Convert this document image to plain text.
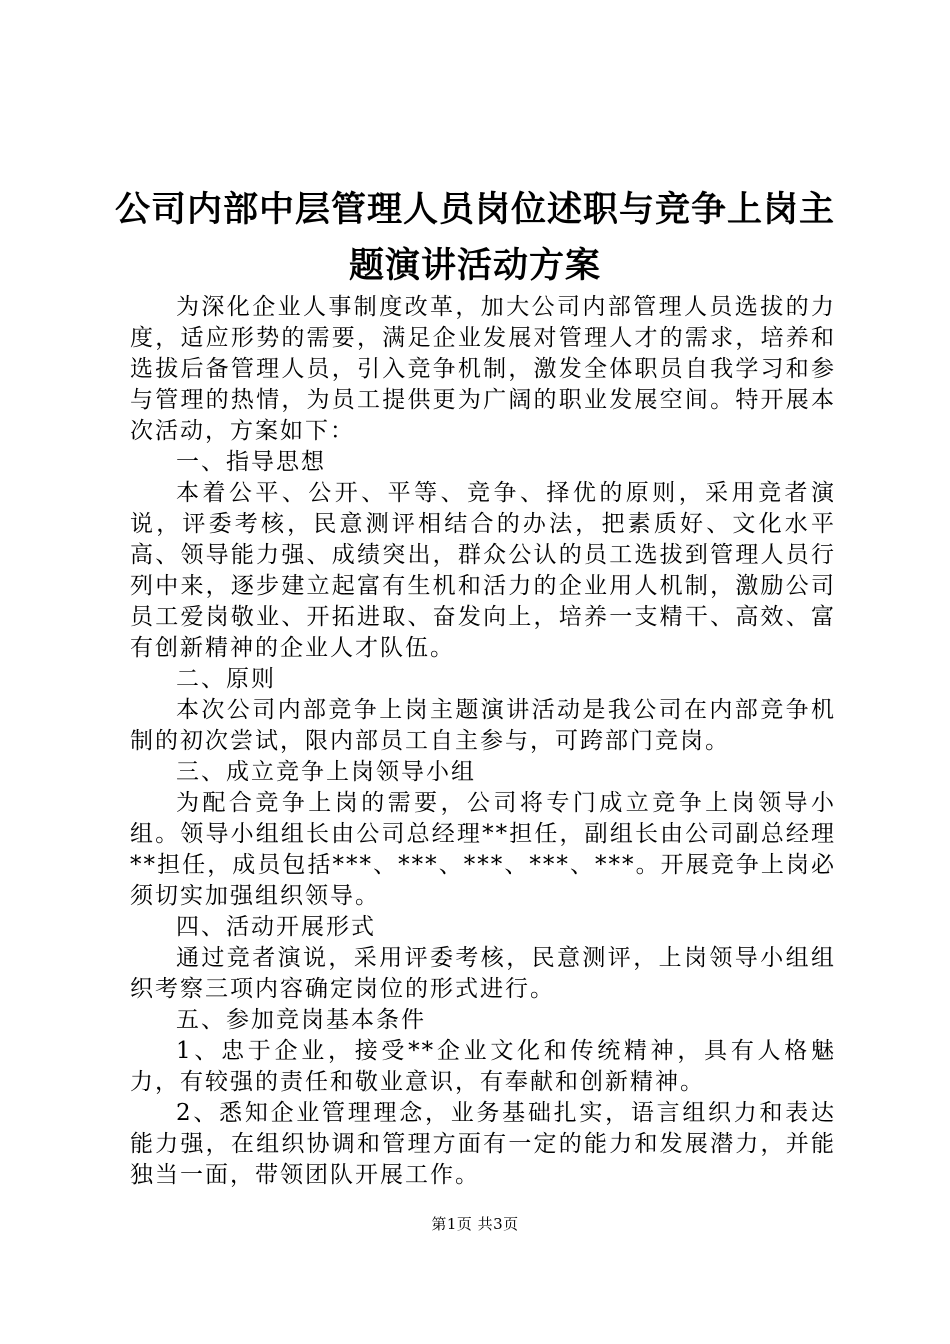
公司内部中层管理人员岗位述职与竞争上岗主
题演讲活动方案

为深化企业人事制度改革，加大公司内部管理人员选拔的力度，适应形势的需要，满足企业发展对管理人才的需求，培养和选拔后备管理人员，引入竞争机制，激发全体职员自我学习和参与管理的热情，为员工提供更为广阔的职业发展空间。特开展本次活动，方案如下：

一、指导思想

本着公平、公开、平等、竞争、择优的原则，采用竞者演说，评委考核，民意测评相结合的办法，把素质好、文化水平高、领导能力强、成绩突出，群众公认的员工选拔到管理人员行列中来，逐步建立起富有生机和活力的企业用人机制，激励公司员工爱岗敬业、开拓进取、奋发向上，培养一支精干、高效、富有创新精神的企业人才队伍。

二、原则

本次公司内部竞争上岗主题演讲活动是我公司在内部竞争机制的初次尝试，限内部员工自主参与，可跨部门竞岗。

三、成立竞争上岗领导小组

为配合竞争上岗的需要，公司将专门成立竞争上岗领导小组。领导小组组长由公司总经理**担任，副组长由公司副总经理**担任，成员包括***、***、***、***、***。开展竞争上岗必须切实加强组织领导。

四、活动开展形式

通过竞者演说，采用评委考核，民意测评，上岗领导小组组织考察三项内容确定岗位的形式进行。

五、参加竞岗基本条件

1、忠于企业，接受**企业文化和传统精神，具有人格魅力，有较强的责任和敬业意识，有奉献和创新精神。

2、悉知企业管理理念，业务基础扎实，语言组织力和表达能力强，在组织协调和管理方面有一定的能力和发展潜力，并能独当一面，带领团队开展工作。

第1页 共3页
